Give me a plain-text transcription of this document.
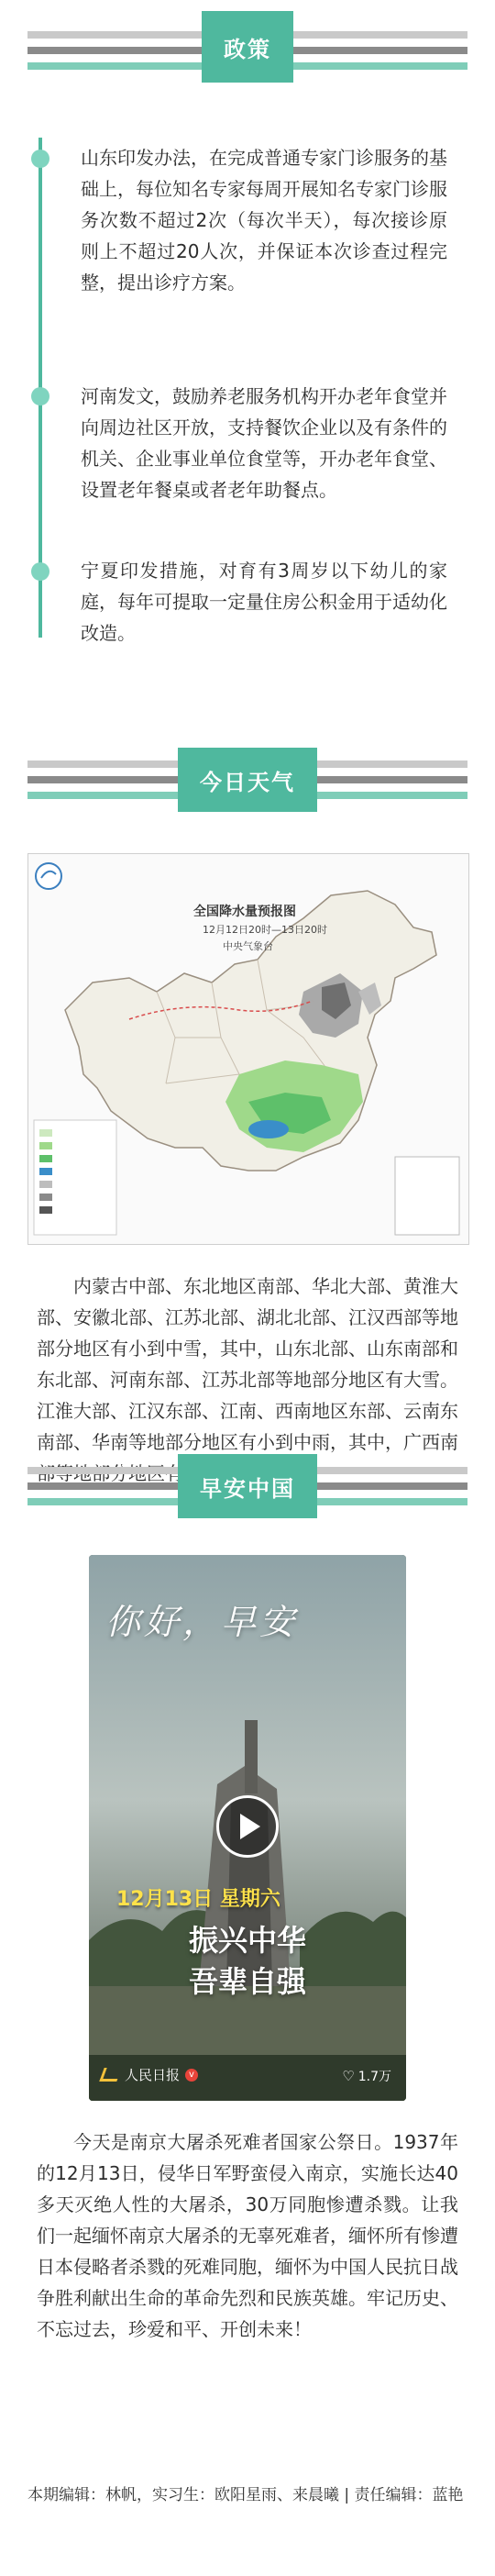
政策
山东印发办法，在完成普通专家门诊服务的基础上，每位知名专家每周开展知名专家门诊服务次数不超过2次（每次半天），每次接诊原则上不超过20人次，并保证本次诊查过程完整，提出诊疗方案。
河南发文，鼓励养老服务机构开办老年食堂并向周边社区开放，支持餐饮企业以及有条件的机关、企业事业单位食堂等，开办老年食堂、设置老年餐桌或者老年助餐点。
宁夏印发措施，对育有3周岁以下幼儿的家庭，每年可提取一定量住房公积金用于适幼化改造。
今日天气
全国降水量预报图
12月12日20时—13日20时
中央气象台
内蒙古中部、东北地区南部、华北大部、黄淮大部、安徽北部、江苏北部、湖北北部、江汉西部等地部分地区有小到中雪，其中，山东北部、山东南部和东北部、河南东部、江苏北部等地部分地区有大雪。江淮大部、江汉东部、江南、西南地区东部、云南东南部、华南等地部分地区有小到中雨，其中，广西南
早安中国
你好，早安
12月13日 星期六
振兴中华
吾辈自强
人民日报	v	♡ 1.7万
今天是南京大屠杀死难者国家公祭日。1937年的12月13日，侵华日军野蛮侵入南京，实施长达40多天灭绝人性的大屠杀，30万同胞惨遭杀戮。让我们一起缅怀南京大屠杀的无辜死难者，缅怀所有惨遭日本侵略者杀戮的死难同胞，缅怀为中国人民抗日战争胜利献出生命的革命先烈和民族英雄。牢记历史、不忘过去，珍爱和平、开创未来！
本期编辑：林帆，实习生：欧阳星雨、来晨曦 | 责任编辑：蓝艳
